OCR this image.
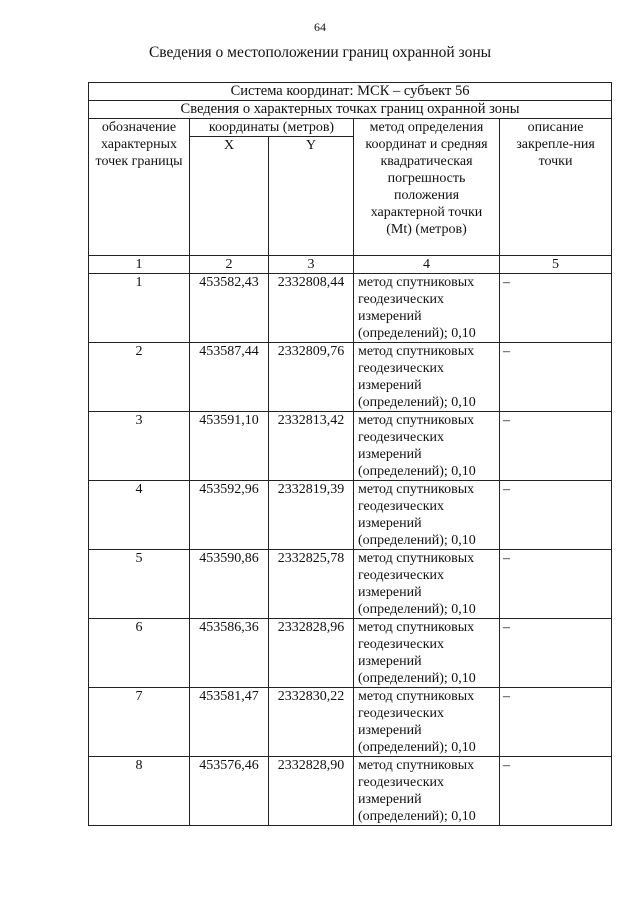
64
Сведения о местоположении границ охранной зоны
Система координат: МСК – субъект 56				
Сведения о характерных точках границ охранной зоны				
обозначение характерных точек границы	координаты (метров)		метод определения координат и средняя квадратическая погрешность положения характерной точки (Mt) (метров)	описание закрепле-ния точки
	X	Y		
1	2	3	4	5
1	453582,43	2332808,44	метод спутниковых геодезических измерений (определений); 0,10	–
2	453587,44	2332809,76	метод спутниковых геодезических измерений (определений); 0,10	–
3	453591,10	2332813,42	метод спутниковых геодезических измерений (определений); 0,10	–
4	453592,96	2332819,39	метод спутниковых геодезических измерений (определений); 0,10	–
5	453590,86	2332825,78	метод спутниковых геодезических измерений (определений); 0,10	–
6	453586,36	2332828,96	метод спутниковых геодезических измерений (определений); 0,10	–
7	453581,47	2332830,22	метод спутниковых геодезических измерений (определений); 0,10	–
8	453576,46	2332828,90	метод спутниковых геодезических измерений (определений); 0,10	–
